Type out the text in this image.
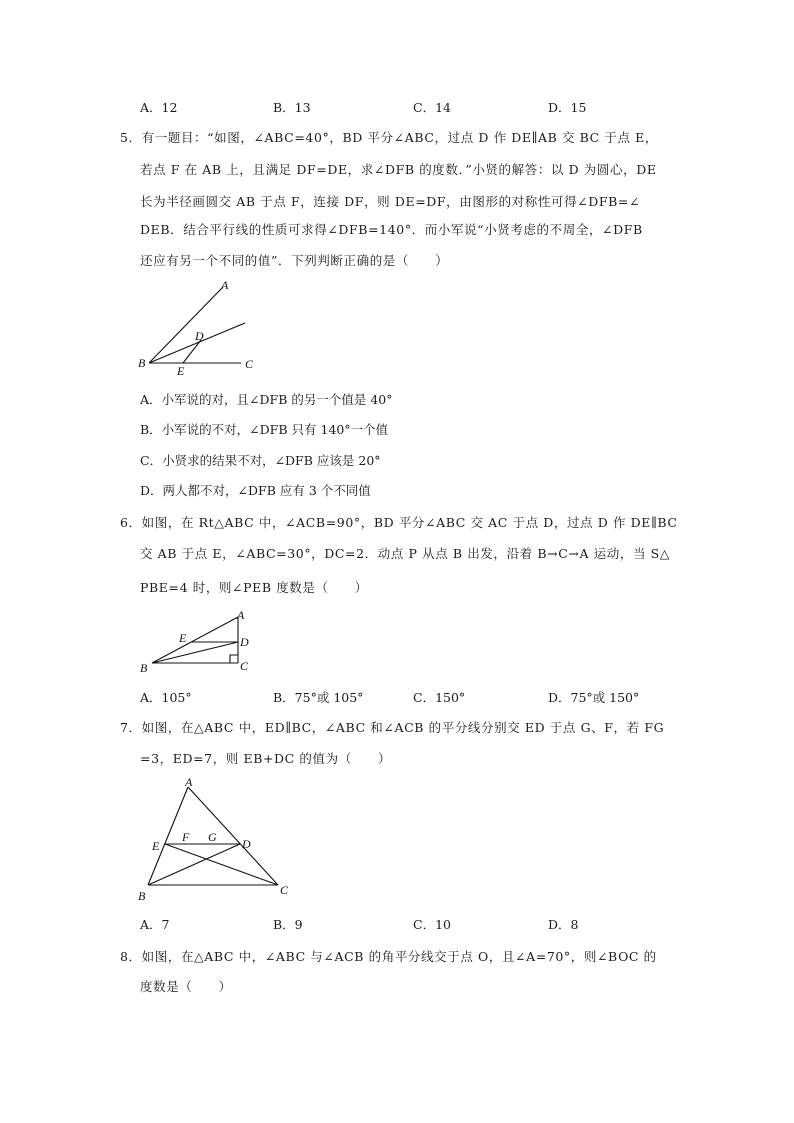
A．12	B．13	C．14	D．15
5．有一题目：“如图，∠ABC=40°，BD 平分∠ABC，过点 D 作 DE∥AB 交 BC 于点 E，
若点 F 在 AB 上，且满足 DF=DE，求∠DFB 的度数．”小贤的解答：以 D 为圆心，DE
长为半径画圆交 AB 于点 F，连接 DF，则 DE=DF，由图形的对称性可得∠DFB=∠
DEB．结合平行线的性质可求得∠DFB=140°．而小军说“小贤考虑的不周全，∠DFB
还应有另一个不同的值”．下列判断正确的是（　　）
A
B	C
D
E
A．小军说的对，且∠DFB 的另一个值是 40°
B．小军说的不对，∠DFB 只有 140°一个值
C．小贤求的结果不对，∠DFB 应该是 20°
D．两人都不对，∠DFB 应有 3 个不同值
6．如图，在 Rt△ABC 中，∠ACB=90°，BD 平分∠ABC 交 AC 于点 D，过点 D 作 DE∥BC
交 AB 于点 E，∠ABC=30°，DC=2．动点 P 从点 B 出发，沿着 B→C→A 运动，当 S△
PBE=4 时，则∠PEB 度数是（　　）
A
B	C
D
E
A．105°	B．75°或 105°	C．150°	D．75°或 150°
7．如图，在△ABC 中，ED∥BC，∠ABC 和∠ACB 的平分线分别交 ED 于点 G、F，若 FG
=3，ED=7，则 EB+DC 的值为（　　）
A
B	C
D
E
F G
A．7	B．9	C．10	D．8
8．如图，在△ABC 中，∠ABC 与∠ACB 的角平分线交于点 O，且∠A=70°，则∠BOC 的
度数是（　　）
